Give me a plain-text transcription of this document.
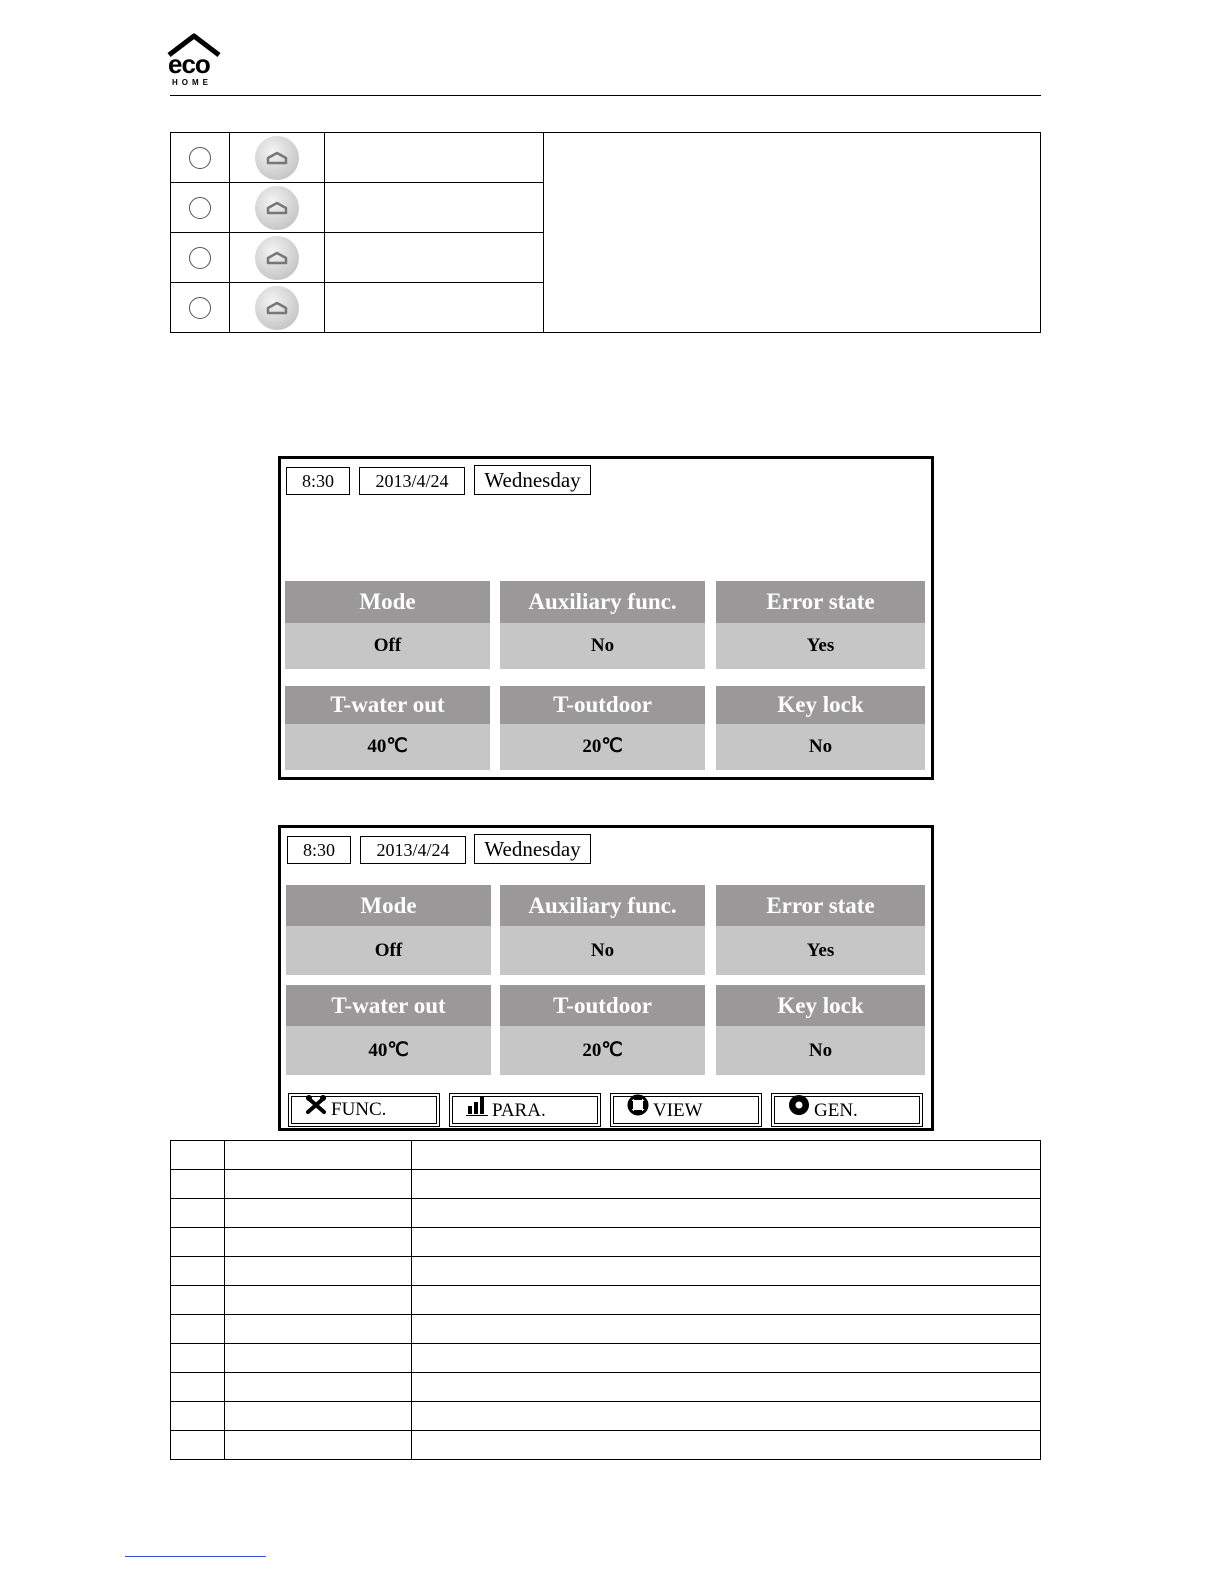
eco
HOME

8:30	2013/4/24	Wednesday
Mode
Off
Auxiliary func.
No
Error state
Yes
T-water out
40℃
T-outdoor
20℃
Key lock
No
8:30	2013/4/24	Wednesday
Mode
Off
Auxiliary func.
No
Error state
Yes
T-water out
40℃
T-outdoor
20℃
Key lock
No
FUNC.	PARA.	VIEW	GEN.
